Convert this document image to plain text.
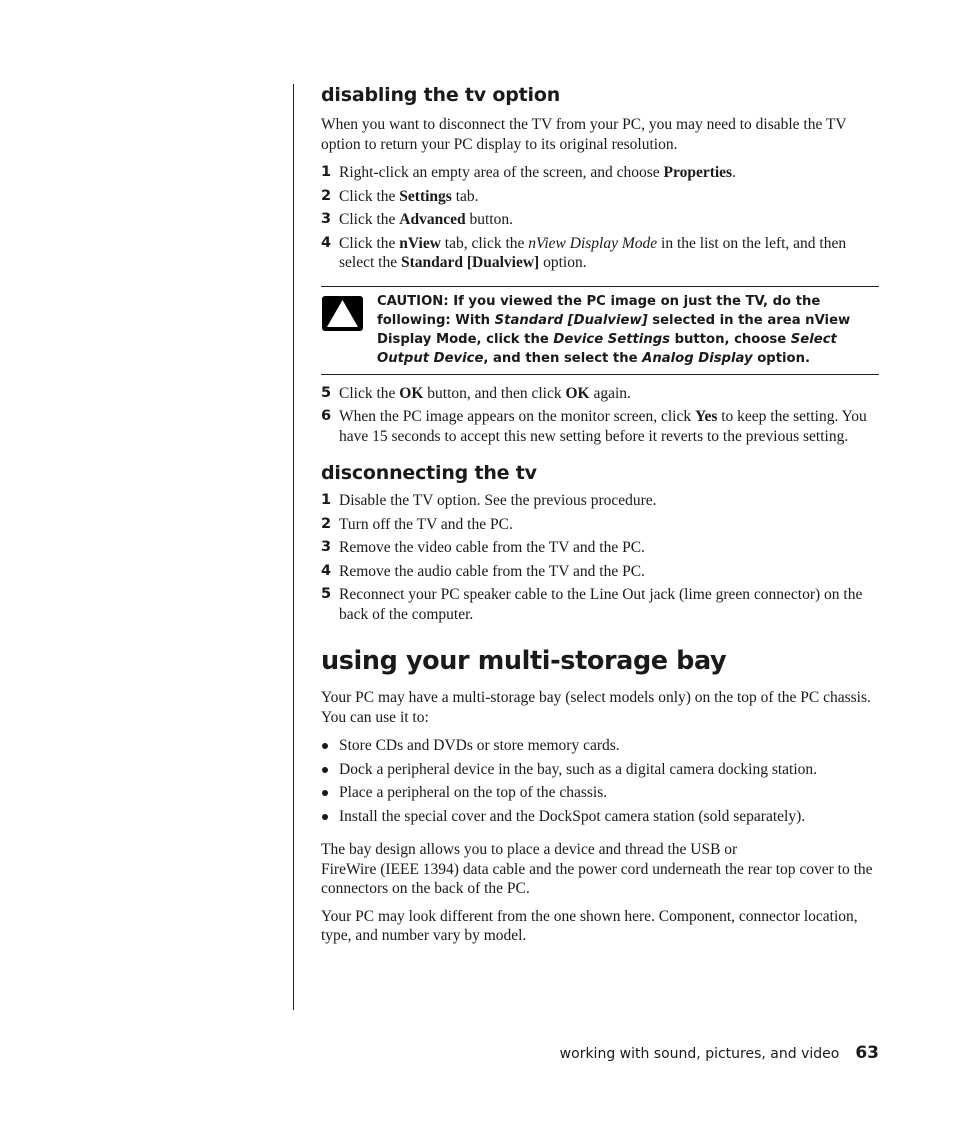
disabling the tv option

When you want to disconnect the TV from your PC, you may need to disable the TV option to return your PC display to its original resolution.

1 Right-click an empty area of the screen, and choose Properties.
2 Click the Settings tab.
3 Click the Advanced button.
4 Click the nView tab, click the nView Display Mode in the list on the left, and then select the Standard [Dualview] option.
CAUTION: If you viewed the PC image on just the TV, do the following: With Standard [Dualview] selected in the area nView Display Mode, click the Device Settings button, choose Select Output Device, and then select the Analog Display option.
5 Click the OK button, and then click OK again.
6 When the PC image appears on the monitor screen, click Yes to keep the setting. You have 15 seconds to accept this new setting before it reverts to the previous setting.
disconnecting the tv
1 Disable the TV option. See the previous procedure.
2 Turn off the TV and the PC.
3 Remove the video cable from the TV and the PC.
4 Remove the audio cable from the TV and the PC.
5 Reconnect your PC speaker cable to the Line Out jack (lime green connector) on the back of the computer.
using your multi-storage bay

Your PC may have a multi-storage bay (select models only) on the top of the PC chassis. You can use it to:

Store CDs and DVDs or store memory cards.
Dock a peripheral device in the bay, such as a digital camera docking station.
Place a peripheral on the top of the chassis.
Install the special cover and the DockSpot camera station (sold separately).

The bay design allows you to place a device and thread the USB or
FireWire (IEEE 1394) data cable and the power cord underneath the rear top cover to the connectors on the back of the PC.

Your PC may look different from the one shown here. Component, connector location, type, and number vary by model.

working with sound, pictures, and video 63
